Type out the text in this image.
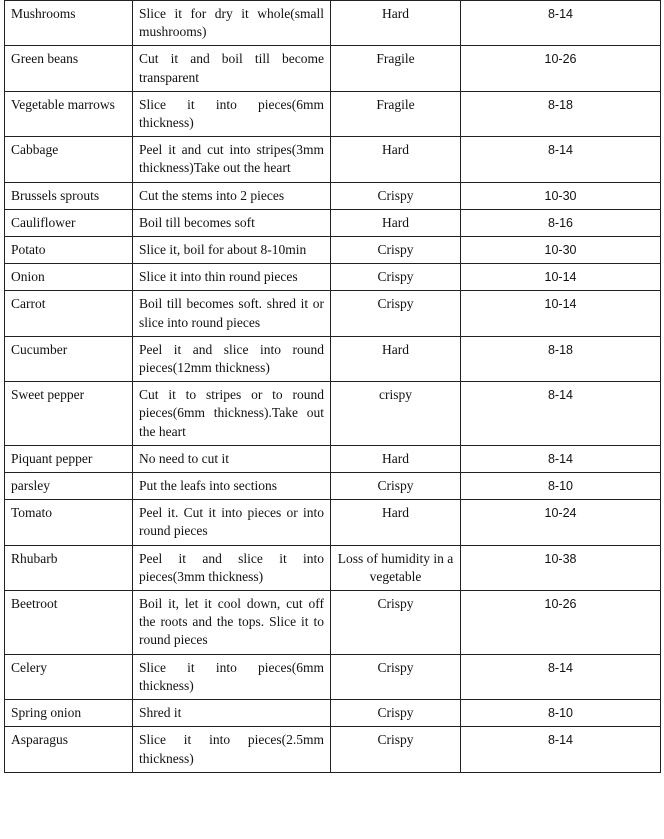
Mushrooms	Slice it for dry it whole(small mushrooms)	Hard	8-14
Green beans	Cut it and boil till become transparent	Fragile	10-26
Vegetable marrows	Slice it into pieces(6mm thickness)	Fragile	8-18
Cabbage	Peel it and cut into stripes(3mm thickness)Take out the heart	Hard	8-14
Brussels sprouts	Cut the stems into 2 pieces	Crispy	10-30
Cauliflower	Boil till becomes soft	Hard	8-16
Potato	Slice it, boil for about 8-10min	Crispy	10-30
Onion	Slice it into thin round pieces	Crispy	10-14
Carrot	Boil till becomes soft. shred it or slice into round pieces	Crispy	10-14
Cucumber	Peel it and slice into round pieces(12mm thickness)	Hard	8-18
Sweet pepper	Cut it to stripes or to round pieces(6mm thickness).Take out the heart	crispy	8-14
Piquant pepper	No need to cut it	Hard	8-14
parsley	Put the leafs into sections	Crispy	8-10
Tomato	Peel it. Cut it into pieces or into round pieces	Hard	10-24
Rhubarb	Peel it and slice it into pieces(3mm thickness)	Loss of humidity in a vegetable	10-38
Beetroot	Boil it, let it cool down, cut off the roots and the tops. Slice it to round pieces	Crispy	10-26
Celery	Slice it into pieces(6mm thickness)	Crispy	8-14
Spring onion	Shred it	Crispy	8-10
Asparagus	Slice it into pieces(2.5mm thickness)	Crispy	8-14
